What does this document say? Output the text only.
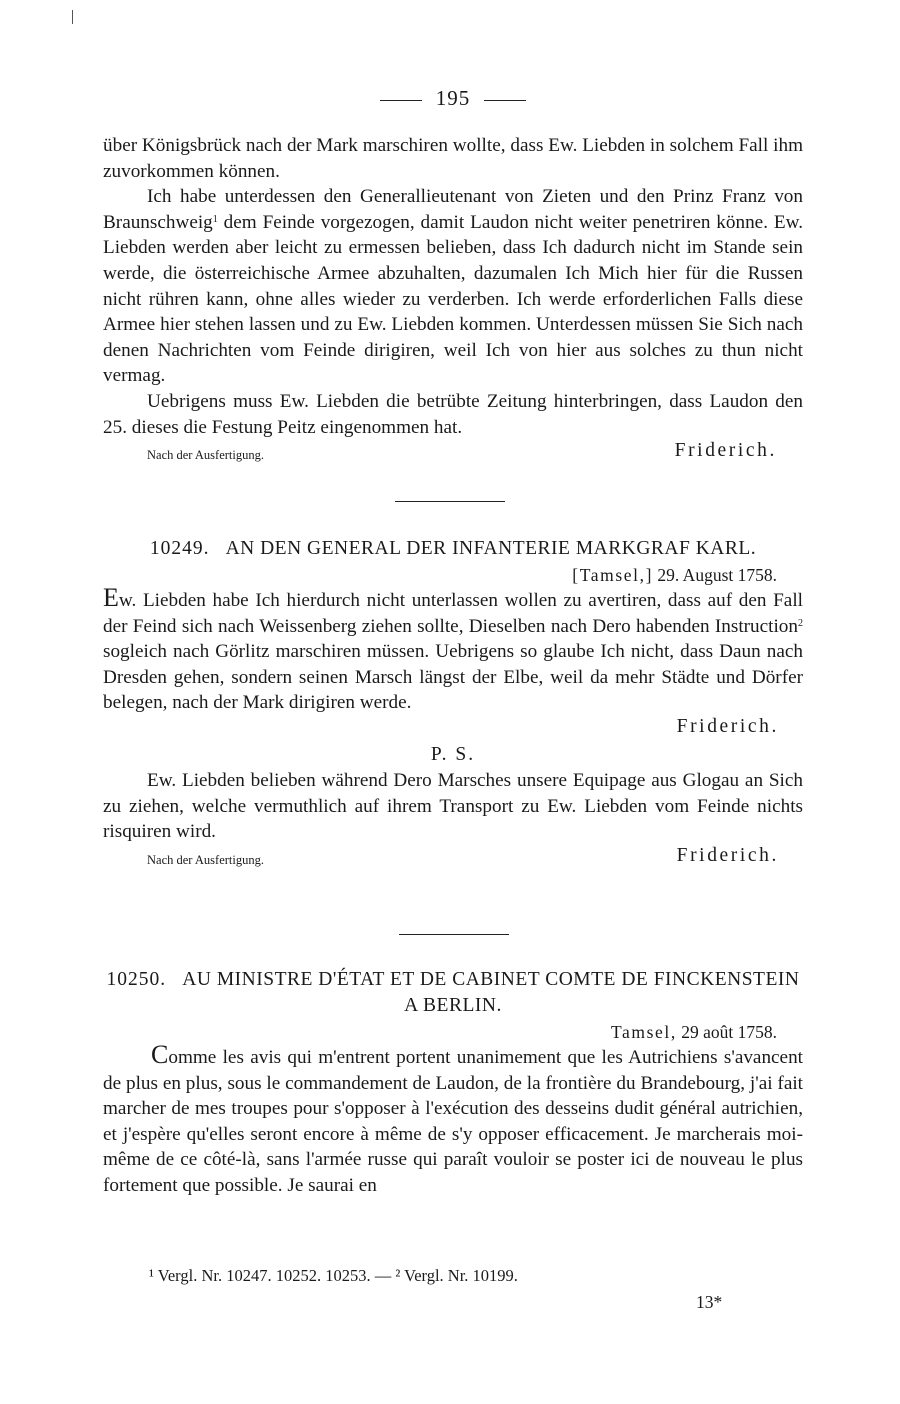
195

über Königsbrück nach der Mark marschiren wollte, dass Ew. Liebden in solchem Fall ihm zuvorkommen können.

Ich habe unterdessen den Generallieutenant von Zieten und den Prinz Franz von Braunschweig$^1$ dem Feinde vorgezogen, damit Laudon nicht weiter penetriren könne. Ew. Liebden werden aber leicht zu ermessen belieben, dass Ich dadurch nicht im Stande sein werde, die österreichische Armee abzuhalten, dazumalen Ich Mich hier für die Russen nicht rühren kann, ohne alles wieder zu verderben. Ich werde erforderlichen Falls diese Armee hier stehen lassen und zu Ew. Liebden kommen. Unterdessen müssen Sie Sich nach denen Nachrichten vom Feinde dirigiren, weil Ich von hier aus solches zu thun nicht vermag.

Uebrigens muss Ew. Liebden die betrübte Zeitung hinterbringen, dass Laudon den 25. dieses die Festung Peitz eingenommen hat.

Nach der Ausfertigung.	Friderich.
10249. AN DEN GENERAL DER INFANTERIE MARKGRAF KARL.
[Tamsel,] 29. August 1758.

Ew. Liebden habe Ich hierdurch nicht unterlassen wollen zu avertiren, dass auf den Fall der Feind sich nach Weissenberg ziehen sollte, Dieselben nach Dero habenden Instruction$^2$ sogleich nach Görlitz marschiren müssen. Uebrigens so glaube Ich nicht, dass Daun nach Dresden gehen, sondern seinen Marsch längst der Elbe, weil da mehr Städte und Dörfer belegen, nach der Mark dirigiren werde.

Friderich.
P. S.

Ew. Liebden belieben während Dero Marsches unsere Equipage aus Glogau an Sich zu ziehen, welche vermuthlich auf ihrem Transport zu Ew. Liebden vom Feinde nichts risquiren wird.

Nach der Ausfertigung.	Friderich.
10250. AU MINISTRE D'ÉTAT ET DE CABINET COMTE DE FINCKENSTEIN A BERLIN.
Tamsel, 29 août 1758.

Comme les avis qui m'entrent portent unanimement que les Autrichiens s'avancent de plus en plus, sous le commandement de Laudon, de la frontière du Brandebourg, j'ai fait marcher de mes troupes pour s'opposer à l'exécution des desseins dudit général autrichien, et j'espère qu'elles seront encore à même de s'y opposer efficacement. Je marcherais moi-même de ce côté-là, sans l'armée russe qui paraît vouloir se poster ici de nouveau le plus fortement que possible. Je saurai en

¹ Vergl. Nr. 10247. 10252. 10253. — ² Vergl. Nr. 10199.
13*
